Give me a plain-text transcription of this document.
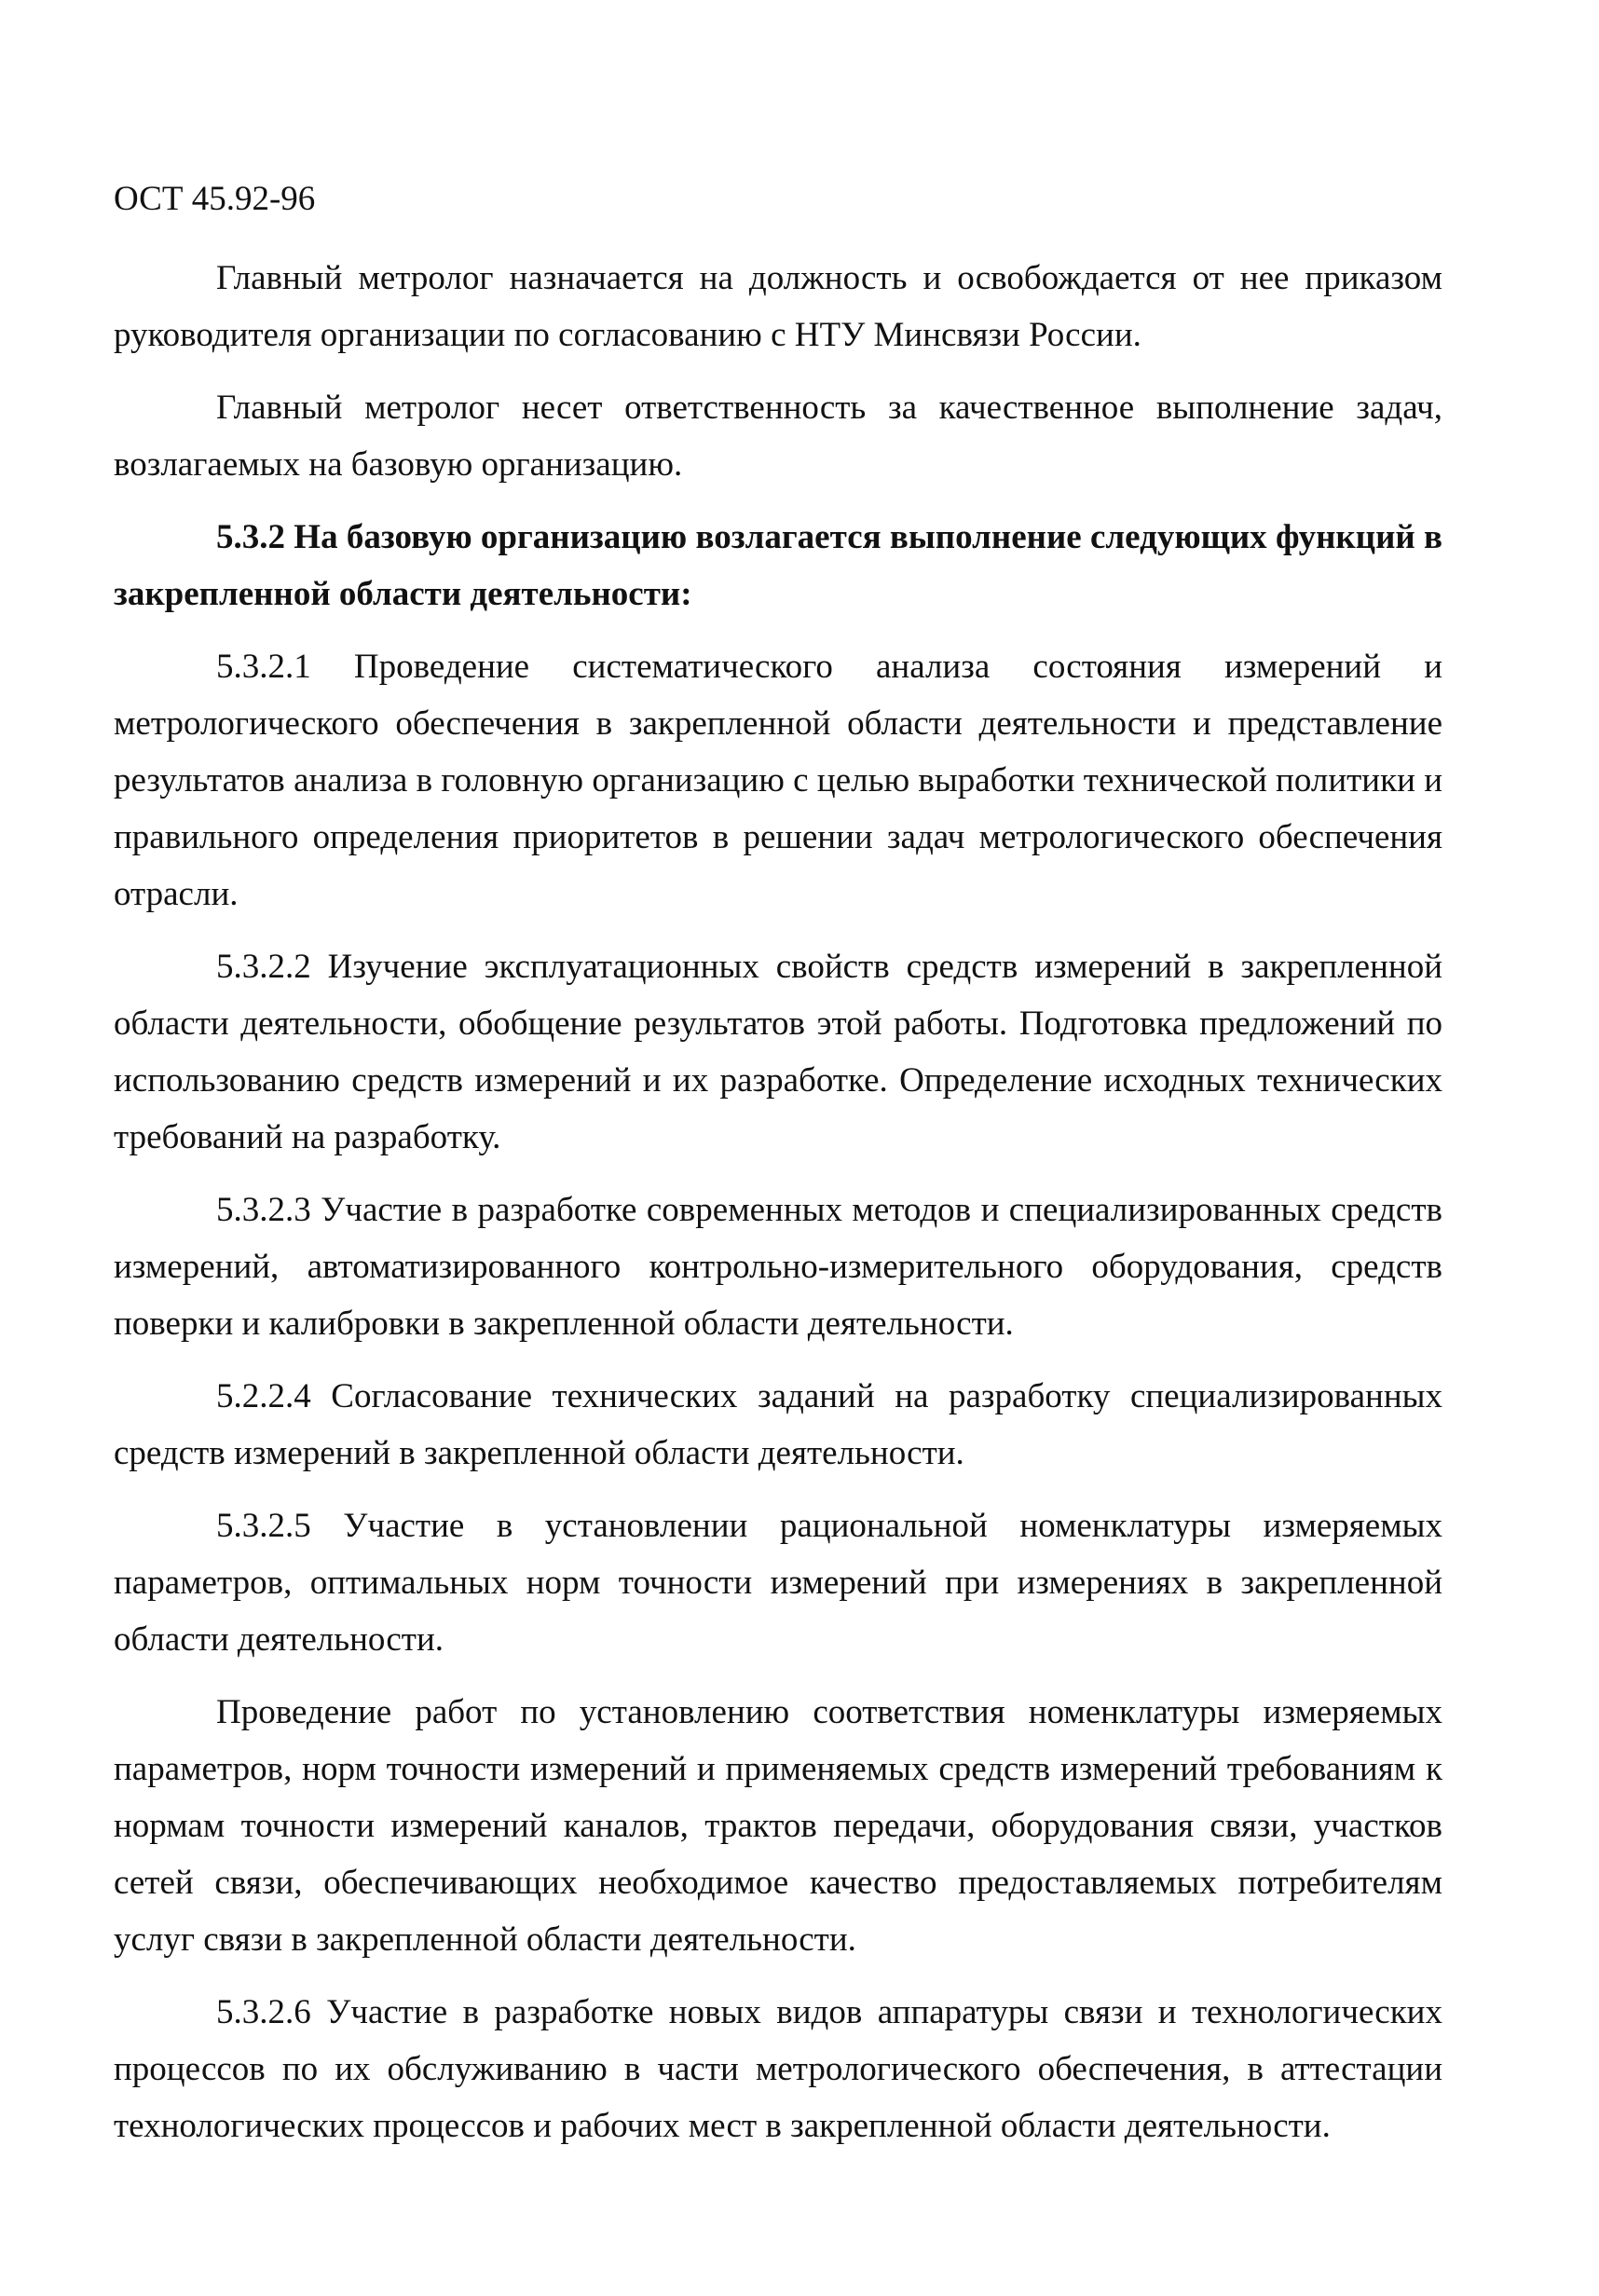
ОСТ 45.92-96

Главный метролог назначается на должность и освобождается от нее приказом руководителя организации по согласованию с НТУ Минсвязи России.

Главный метролог несет ответственность за качественное выполнение задач, возлагаемых на базовую организацию.

5.3.2 На базовую организацию возлагается выполнение следующих функций в закрепленной области деятельности:

5.3.2.1 Проведение систематического анализа состояния измерений и метрологического обеспечения в закрепленной области деятельности и представление результатов анализа в головную организацию с целью выработки технической политики и правильного определения приоритетов в решении задач метрологического обеспечения отрасли.

5.3.2.2 Изучение эксплуатационных свойств средств измерений в закрепленной области деятельности, обобщение результатов этой работы. Подготовка предложений по использованию средств измерений и их разработке. Определение исходных технических требований на разработку.

5.3.2.3 Участие в разработке современных методов и специализированных средств измерений, автоматизированного контрольно-измерительного оборудования, средств поверки и калибровки в закрепленной области деятельности.

5.2.2.4 Согласование технических заданий на разработку специализированных средств измерений в закрепленной области деятельности.

5.3.2.5 Участие в установлении рациональной номенклатуры измеряемых параметров, оптимальных норм точности измерений при измерениях в закрепленной области деятельности.

Проведение работ по установлению соответствия номенклатуры измеряемых параметров, норм точности измерений и применяемых средств измерений требованиям к нормам точности измерений каналов, трактов передачи, оборудования связи, участков сетей связи, обеспечивающих необходимое качество предоставляемых потребителям услуг связи в закрепленной области деятельности.

5.3.2.6 Участие в разработке новых видов аппаратуры связи и технологических процессов по их обслуживанию в части метрологического обеспечения, в аттестации технологических процессов и рабочих мест в закрепленной области деятельности.
